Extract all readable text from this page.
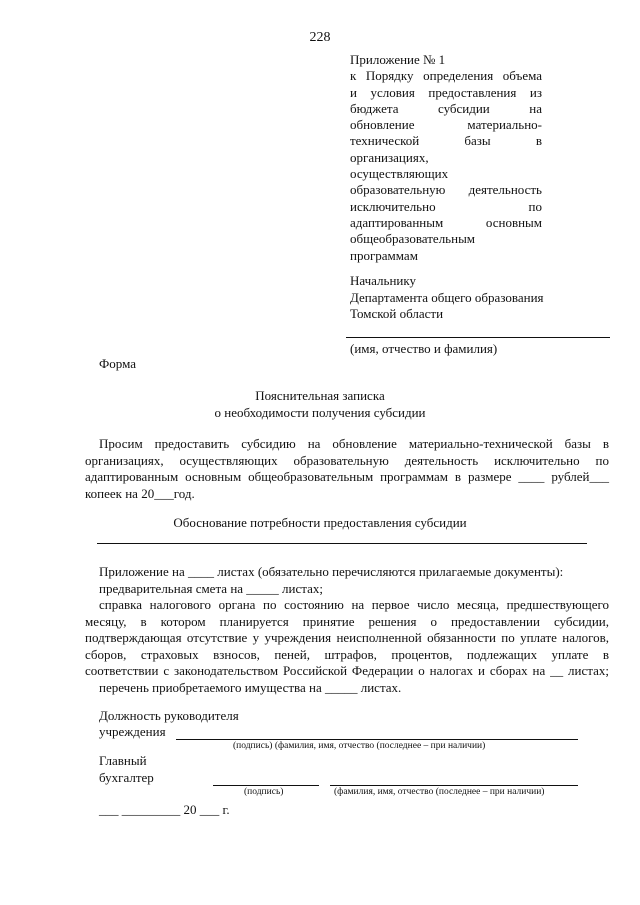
228
Приложение № 1
к Порядку определения объема
и условия предоставления из
бюджета субсидии на
обновление материально-
технической базы в
организациях,
осуществляющих
образовательную деятельность
исключительно по
адаптированным основным
общеобразовательным
программам
Начальнику
Департамента общего образования
Томской области
(имя, отчество и фамилия)
Форма
Пояснительная записка
о необходимости получения субсидии
Просим предоставить субсидию на обновление материально-технической базы в
организациях, осуществляющих образовательную деятельность исключительно по
адаптированным основным общеобразовательным программам в размере ____ рублей___
копеек на 20___год.
Обоснование потребности предоставления субсидии
Приложение на ____ листах (обязательно перечисляются прилагаемые документы):
предварительная смета на _____ листах;
справка налогового органа по состоянию на первое число месяца, предшествующего
месяцу, в котором планируется принятие решения о предоставлении субсидии,
подтверждающая отсутствие у учреждения неисполненной обязанности по уплате налогов,
сборов, страховых взносов, пеней, штрафов, процентов, подлежащих уплате в
соответствии с законодательством Российской Федерации о налогах и сборах на __ листах;
перечень приобретаемого имущества на _____ листах.
Должность руководителя
учреждения
(подпись) (фамилия, имя, отчество (последнее – при наличии)
Главный
бухгалтер
(подпись)	(фамилия, имя, отчество (последнее – при наличии)
___ _________ 20 ___ г.
